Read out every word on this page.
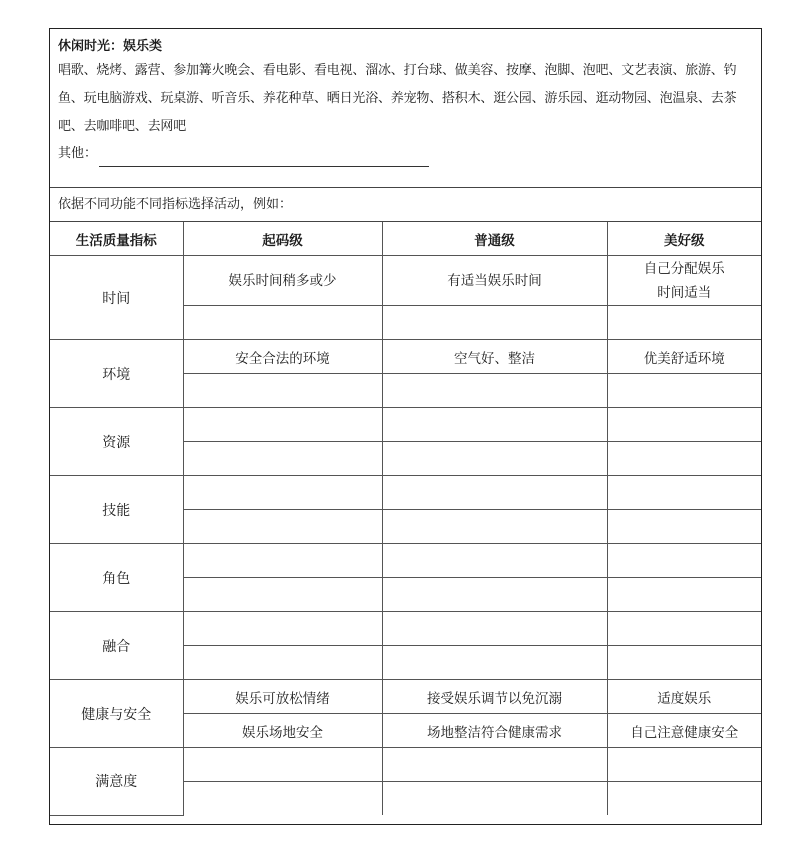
休闲时光：娱乐类
唱歌、烧烤、露营、参加篝火晚会、看电影、看电视、溜冰、打台球、做美容、按摩、泡脚、泡吧、文艺表演、旅游、钓鱼、玩电脑游戏、玩桌游、听音乐、养花种草、晒日光浴、养宠物、搭积木、逛公园、游乐园、逛动物园、泡温泉、去茶吧、去咖啡吧、去网吧
其他：
依据不同功能不同指标选择活动，例如：
生活质量指标	起码级	普通级	美好级
时间	娱乐时间稍多或少	有适当娱乐时间	自己分配娱乐
时间适当

环境	安全合法的环境	空气好、整洁	优美舒适环境

资源			

技能			

角色			

融合			

健康与安全	娱乐可放松情绪	接受娱乐调节以免沉溺	适度娱乐
	娱乐场地安全	场地整洁符合健康需求	自己注意健康安全
满意度			
